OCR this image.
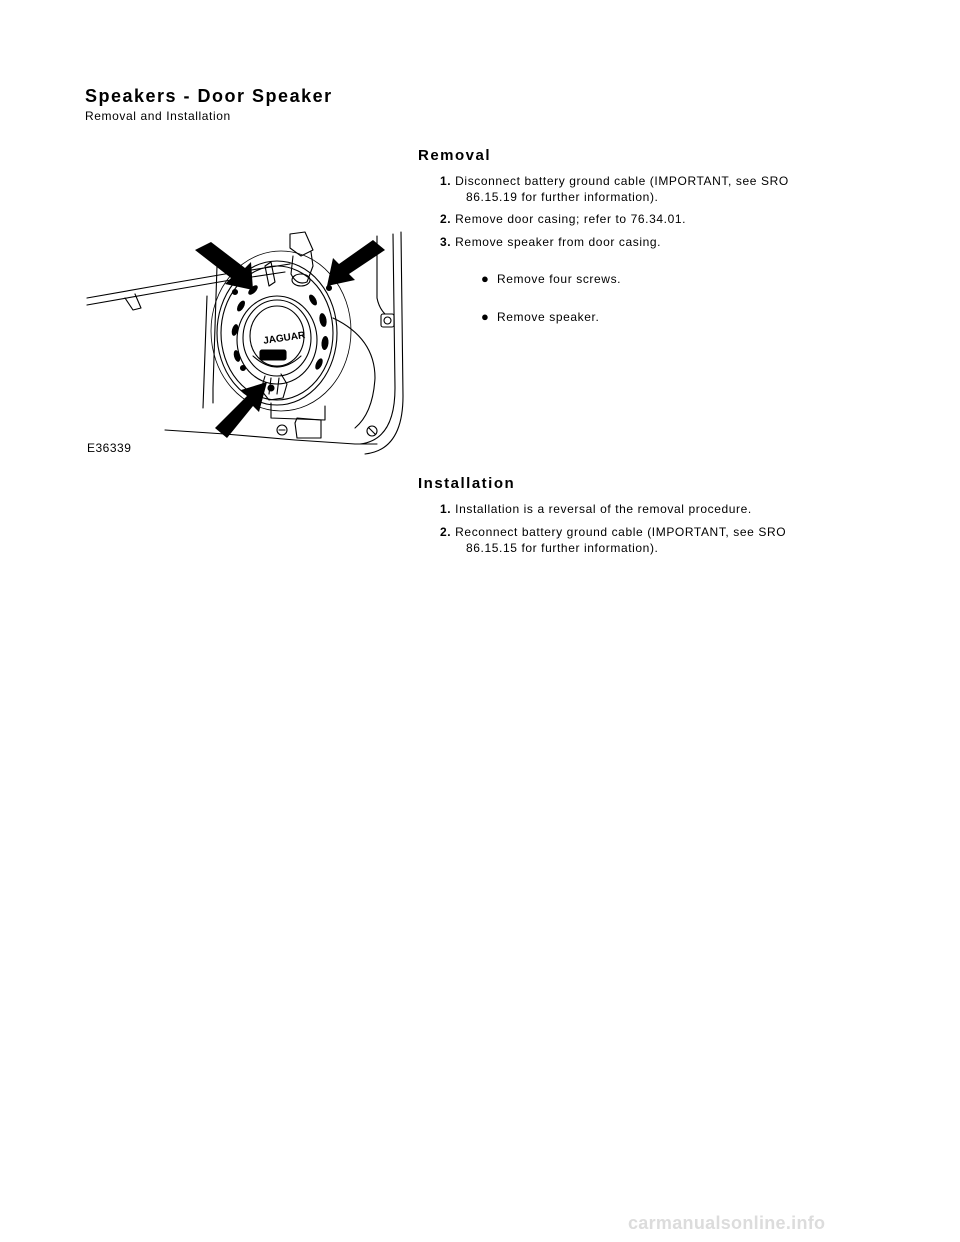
Speakers - Door Speaker
Removal and Installation
JAGUAR
E36339
Removal
1. Disconnect battery ground cable (IMPORTANT, see SRO
86.15.19 for further information).
2. Remove door casing; refer to 76.34.01.
3. Remove speaker from door casing.
● Remove four screws.
● Remove speaker.
Installation
1. Installation is a reversal of the removal procedure.
2. Reconnect battery ground cable (IMPORTANT, see SRO
86.15.15 for further information).
carmanualsonline.info
